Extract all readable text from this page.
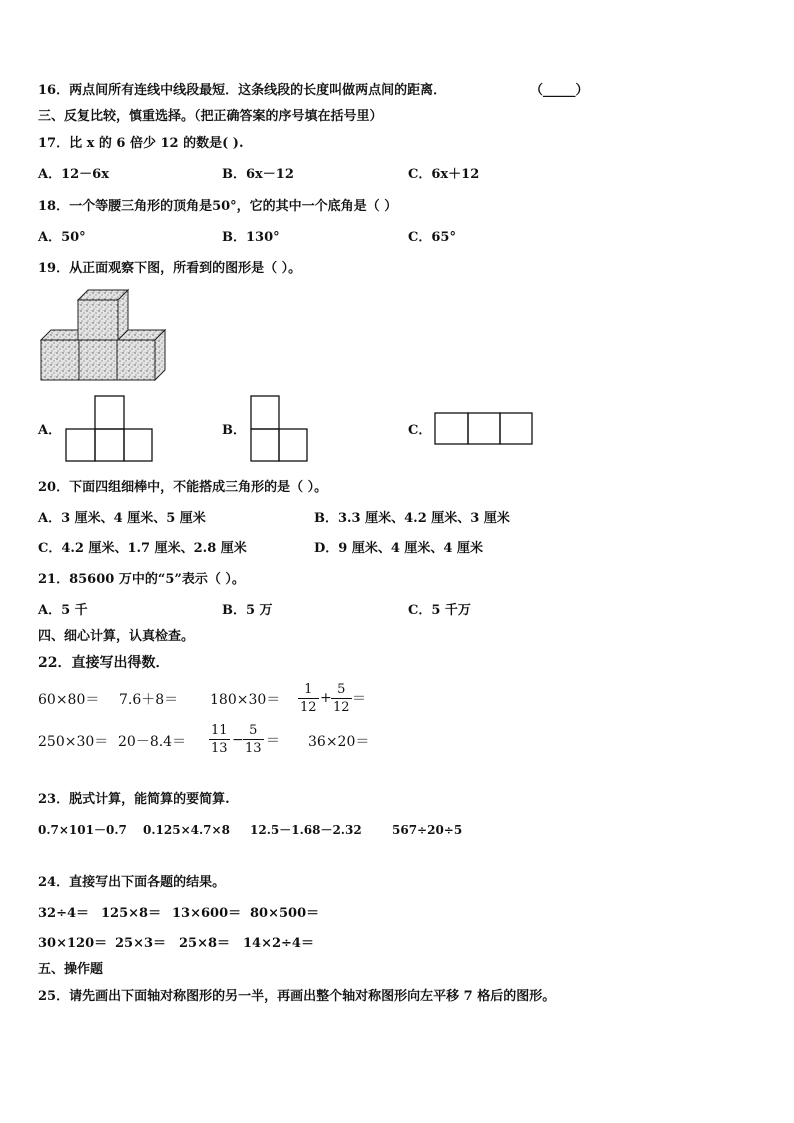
16．两点间所有连线中线段最短．这条线段的长度叫做两点间的距离．	（_____）
三、反复比较，慎重选择。（把正确答案的序号填在括号里）
17．比 x 的 6 倍少 12 的数是( ).
A．12－6x	B．6x－12	C．6x＋12
18．一个等腰三角形的顶角是50°，它的其中一个底角是（ ）
A．50°	B．130°	C．65°
19．从正面观察下图，所看到的图形是（ ）。
A．	B．	C．
20．下面四组细棒中，不能搭成三角形的是（ ）。
A．3 厘米、4 厘米、5 厘米	B．3.3 厘米、4.2 厘米、3 厘米
C．4.2 厘米、1.7 厘米、2.8 厘米	D．9 厘米、4 厘米、4 厘米
21．85600 万中的“5”表示（ ）。
A．5 千	B．5 万	C．5 千万
四、细心计算，认真检查。
22．直接写出得数．
$60\times 80= 7.6+8= 180\times 30= \frac{1}{12} + \frac{5}{12}$ ＝
$250\times 30= 20-8.4= \frac{11}{13} - \frac{5}{13} = 36\times 20=$
23．脱式计算，能简算的要简算.
0.7×101－0.7 0.125×4.7×8 12.5－1.68－2.32	567÷20÷5
24．直接写出下面各题的结果。
32÷4＝ 125×8＝ 13×600＝ 80×500＝
30×120＝ 25×3＝ 25×8＝ 14×2÷4＝
五、操作题
25．请先画出下面轴对称图形的另一半，再画出整个轴对称图形向左平移 7 格后的图形。
